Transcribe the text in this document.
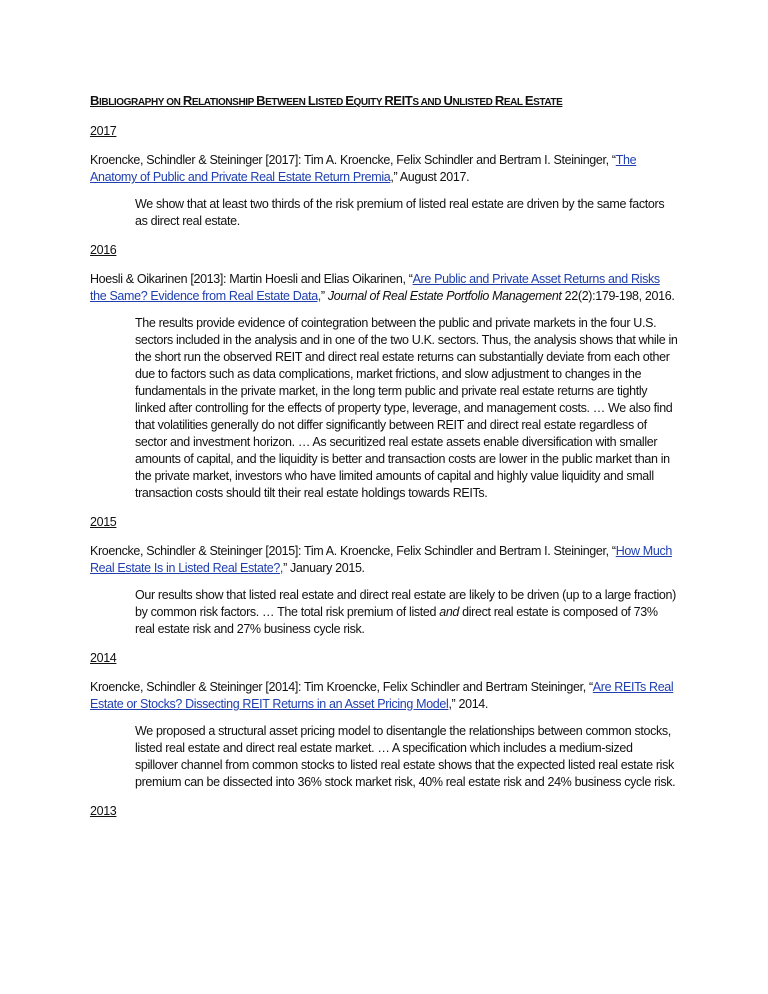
BIBLIOGRAPHY ON RELATIONSHIP BETWEEN LISTED EQUITY REITS AND UNLISTED REAL ESTATE
2017
Kroencke, Schindler & Steininger [2017]: Tim A. Kroencke, Felix Schindler and Bertram I. Steininger, “The Anatomy of Public and Private Real Estate Return Premia,” August 2017.
We show that at least two thirds of the risk premium of listed real estate are driven by the same factors as direct real estate.
2016
Hoesli & Oikarinen [2013]: Martin Hoesli and Elias Oikarinen, “Are Public and Private Asset Returns and Risks the Same? Evidence from Real Estate Data,” Journal of Real Estate Portfolio Management 22(2):179-198, 2016.
The results provide evidence of cointegration between the public and private markets in the four U.S. sectors included in the analysis and in one of the two U.K. sectors. Thus, the analysis shows that while in the short run the observed REIT and direct real estate returns can substantially deviate from each other due to factors such as data complications, market frictions, and slow adjustment to changes in the fundamentals in the private market, in the long term public and private real estate returns are tightly linked after controlling for the effects of property type, leverage, and management costs. … We also find that volatilities generally do not differ significantly between REIT and direct real estate regardless of sector and investment horizon. … As securitized real estate assets enable diversification with smaller amounts of capital, and the liquidity is better and transaction costs are lower in the public market than in the private market, investors who have limited amounts of capital and highly value liquidity and small transaction costs should tilt their real estate holdings towards REITs.
2015
Kroencke, Schindler & Steininger [2015]: Tim A. Kroencke, Felix Schindler and Bertram I. Steininger, “How Much Real Estate Is in Listed Real Estate?,” January 2015.
Our results show that listed real estate and direct real estate are likely to be driven (up to a large fraction) by common risk factors. … The total risk premium of listed and direct real estate is composed of 73% real estate risk and 27% business cycle risk.
2014
Kroencke, Schindler & Steininger [2014]: Tim Kroencke, Felix Schindler and Bertram Steininger, “Are REITs Real Estate or Stocks? Dissecting REIT Returns in an Asset Pricing Model,” 2014.
We proposed a structural asset pricing model to disentangle the relationships between common stocks, listed real estate and direct real estate market. … A specification which includes a medium-sized spillover channel from common stocks to listed real estate shows that the expected listed real estate risk premium can be dissected into 36% stock market risk, 40% real estate risk and 24% business cycle risk.
2013
